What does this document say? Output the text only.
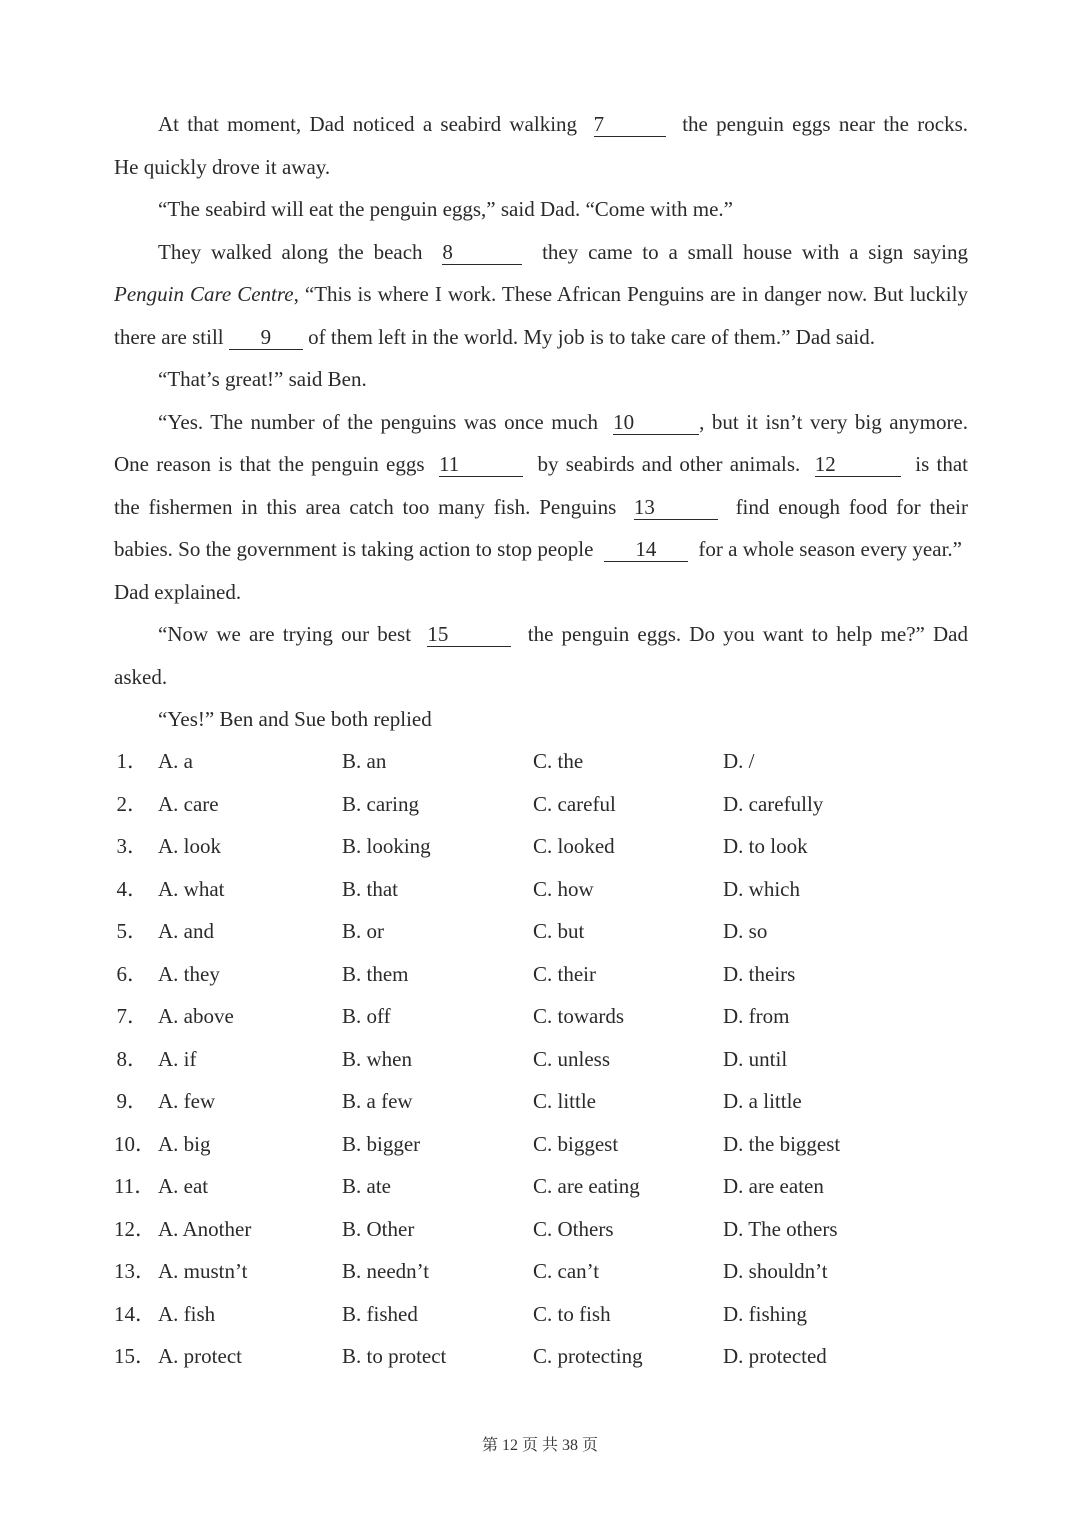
At that moment, Dad noticed a seabird walking 7	the penguin eggs near the rocks.
He quickly drove it away.
“The seabird will eat the penguin eggs,” said Dad. “Come with me.”
They walked along the beach 8	they came to a small house with a sign saying
Penguin Care Centre, “This is where I work. These African Penguins are in danger now. But luckily
there are still 9 of them left in the world. My job is to take care of them.” Dad said.
“That’s great!” said Ben.
“Yes. The number of the penguins was once much 10	, but it isn’t very big anymore.
One reason is that the penguin eggs 11	by seabirds and other animals. 12	is that
the fishermen in this area catch too many fish. Penguins 13	find enough food for their
babies. So the government is taking action to stop people 14 for a whole season every year.”
Dad explained.
“Now we are trying our best 15	the penguin eggs. Do you want to help me?” Dad
asked.
“Yes!” Ben and Sue both replied
1． A. a	B. an	C. the	D. /
2． A. care	B. caring	C. careful	D. carefully
3． A. look	B. looking	C. looked	D. to look
4． A. what	B. that	C. how	D. which
5． A. and	B. or	C. but	D. so
6． A. they	B. them	C. their	D. theirs
7． A. above	B. off	C. towards	D. from
8． A. if	B. when	C. unless	D. until
9． A. few	B. a few	C. little	D. a little
10． A. big	B. bigger	C. biggest	D. the biggest
11． A. eat	B. ate	C. are eating	D. are eaten
12． A. Another	B. Other	C. Others	D. The others
13． A. mustn’t	B. needn’t	C. can’t	D. shouldn’t
14． A. fish	B. fished	C. to fish	D. fishing
15． A. protect	B. to protect	C. protecting	D. protected
第 12 页 共 38 页
